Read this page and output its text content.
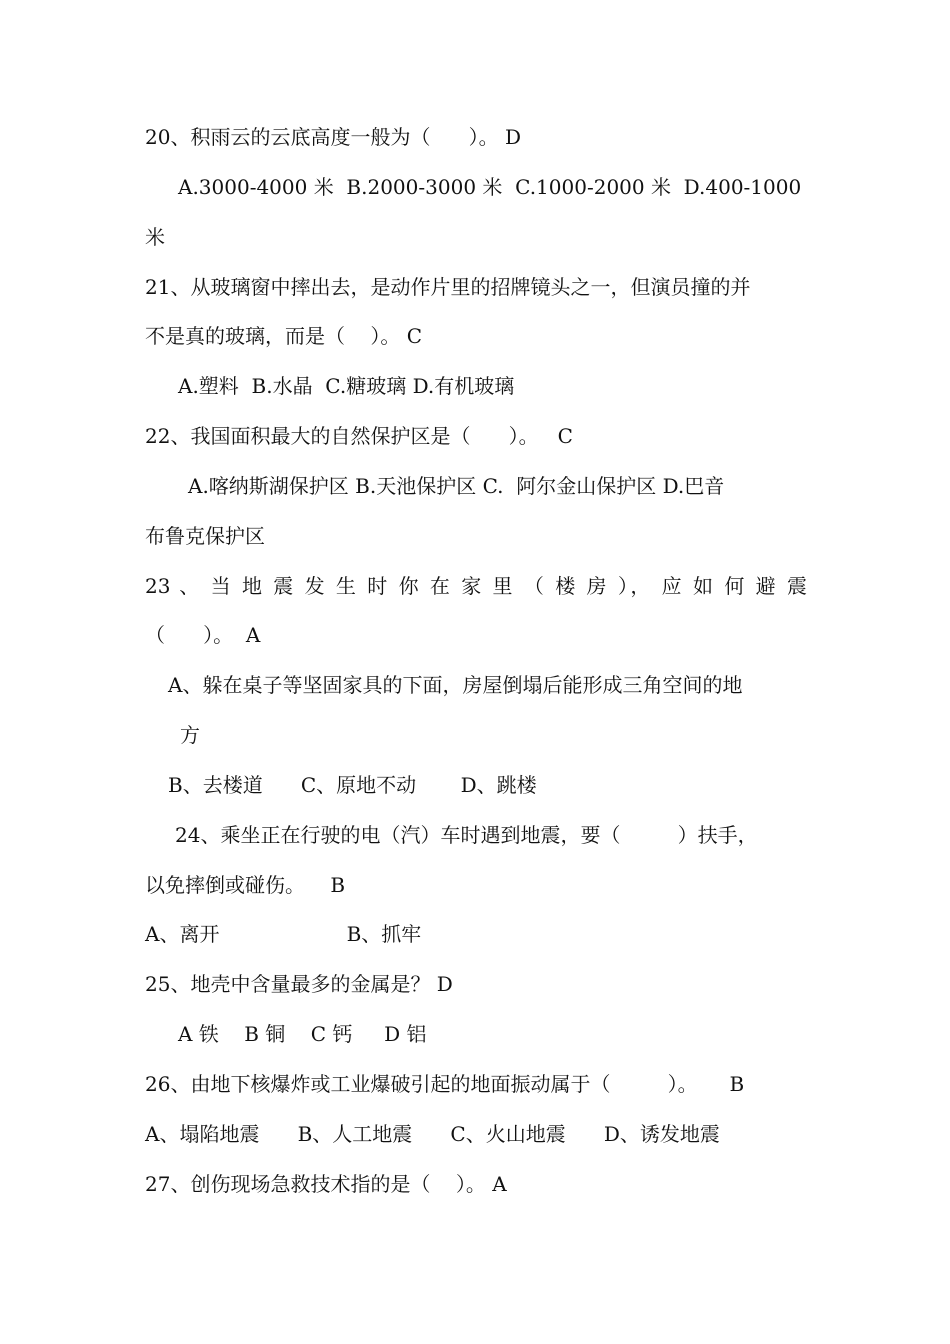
20、积雨云的云底高度一般为（      ）。 D
A.3000-4000 米  B.2000-3000 米  C.1000-2000 米  D.400-1000
米
21、从玻璃窗中摔出去，是动作片里的招牌镜头之一，但演员撞的并
不是真的玻璃，而是（    ）。 C
A.塑料  B.水晶  C.糖玻璃 D.有机玻璃
22、我国面积最大的自然保护区是（      ）。   C
A.喀纳斯湖保护区 B.天池保护区 C.  阿尔金山保护区 D.巴音
布鲁克保护区
23 、 当 地 震 发 生 时 你 在 家 里 （ 楼 房 ）， 应 如 何 避 震
（      ）。  A
A、躲在桌子等坚固家具的下面，房屋倒塌后能形成三角空间的地
方
B、去楼道      C、原地不动       D、跳楼
24、乘坐正在行驶的电（汽）车时遇到地震，要（         ）扶手，
以免摔倒或碰伤。    B
A、离开                    B、抓牢
25、地壳中含量最多的金属是？ D
A 铁    B 铜    C 钙     D 铝
26、由地下核爆炸或工业爆破引起的地面振动属于（         ）。     B
A、塌陷地震      B、人工地震      C、火山地震      D、诱发地震
27、创伤现场急救技术指的是（    ）。 A
